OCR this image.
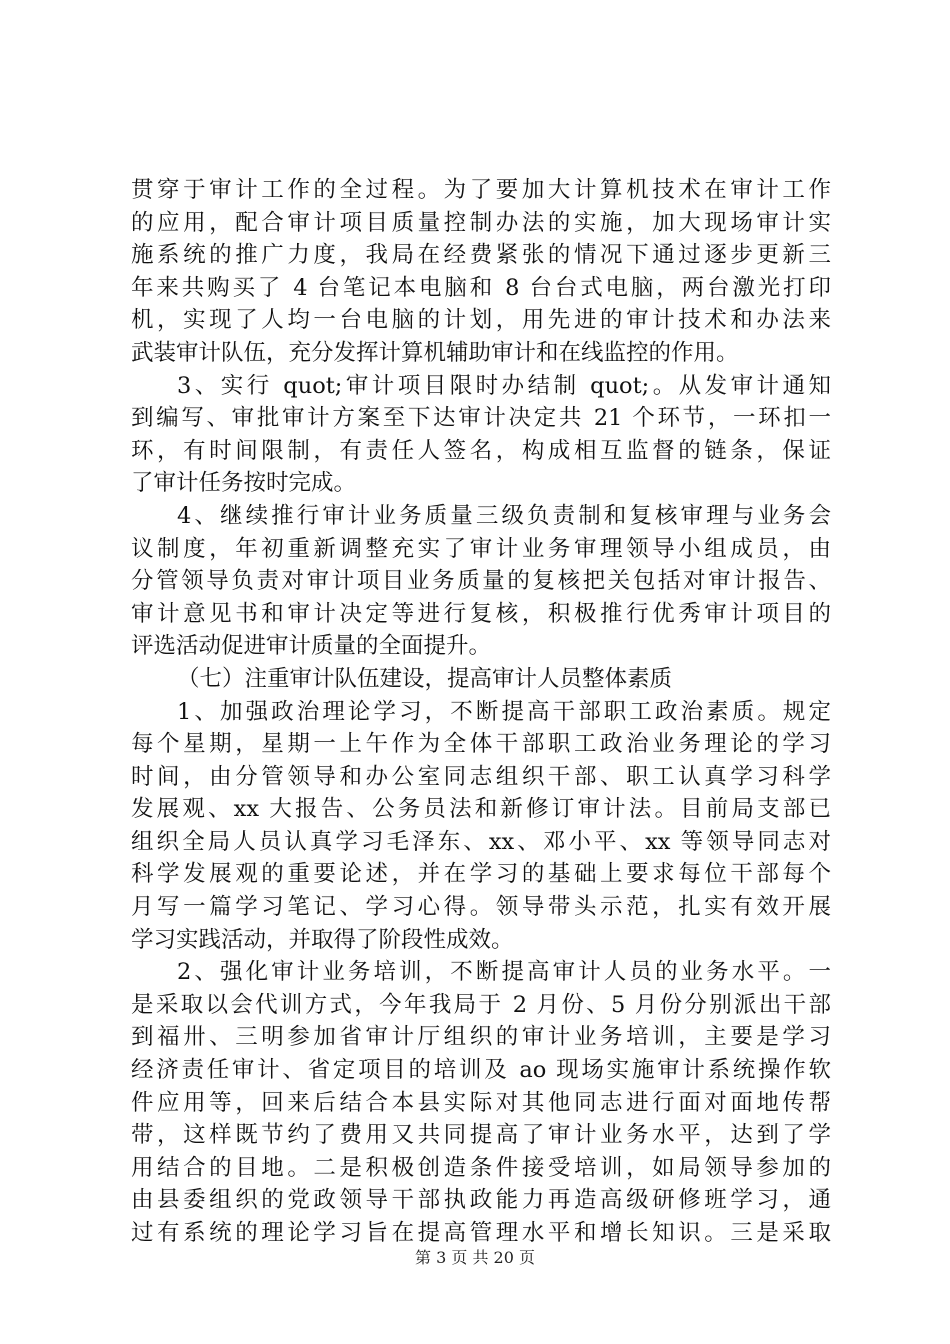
贯穿于审计工作的全过程。为了要加大计算机技术在审计工作
的应用，配合审计项目质量控制办法的实施，加大现场审计实
施系统的推广力度，我局在经费紧张的情况下通过逐步更新三
年来共购买了 4 台笔记本电脑和 8 台台式电脑，两台激光打印
机，实现了人均一台电脑的计划，用先进的审计技术和办法来
武装审计队伍，充分发挥计算机辅助审计和在线监控的作用。
3、实行 quot;审计项目限时办结制 quot;。从发审计通知
到编写、审批审计方案至下达审计决定共 21 个环节，一环扣一
环，有时间限制，有责任人签名，构成相互监督的链条，保证
了审计任务按时完成。
4、继续推行审计业务质量三级负责制和复核审理与业务会
议制度，年初重新调整充实了审计业务审理领导小组成员，由
分管领导负责对审计项目业务质量的复核把关包括对审计报告、
审计意见书和审计决定等进行复核，积极推行优秀审计项目的
评选活动促进审计质量的全面提升。
（七）注重审计队伍建设，提高审计人员整体素质
1、加强政治理论学习，不断提高干部职工政治素质。规定
每个星期，星期一上午作为全体干部职工政治业务理论的学习
时间，由分管领导和办公室同志组织干部、职工认真学习科学
发展观、xx 大报告、公务员法和新修订审计法。目前局支部已
组织全局人员认真学习毛泽东、xx、邓小平、xx 等领导同志对
科学发展观的重要论述，并在学习的基础上要求每位干部每个
月写一篇学习笔记、学习心得。领导带头示范，扎实有效开展
学习实践活动，并取得了阶段性成效。
2、强化审计业务培训，不断提高审计人员的业务水平。一
是采取以会代训方式，今年我局于 2 月份、5 月份分别派出干部
到福卅、三明参加省审计厅组织的审计业务培训，主要是学习
经济责任审计、省定项目的培训及 ao 现场实施审计系统操作软
件应用等，回来后结合本县实际对其他同志进行面对面地传帮
带，这样既节约了费用又共同提高了审计业务水平，达到了学
用结合的目地。二是积极创造条件接受培训，如局领导参加的
由县委组织的党政领导干部执政能力再造高级研修班学习，通
过有系统的理论学习旨在提高管理水平和增长知识。三是采取
第 3 页 共 20 页
